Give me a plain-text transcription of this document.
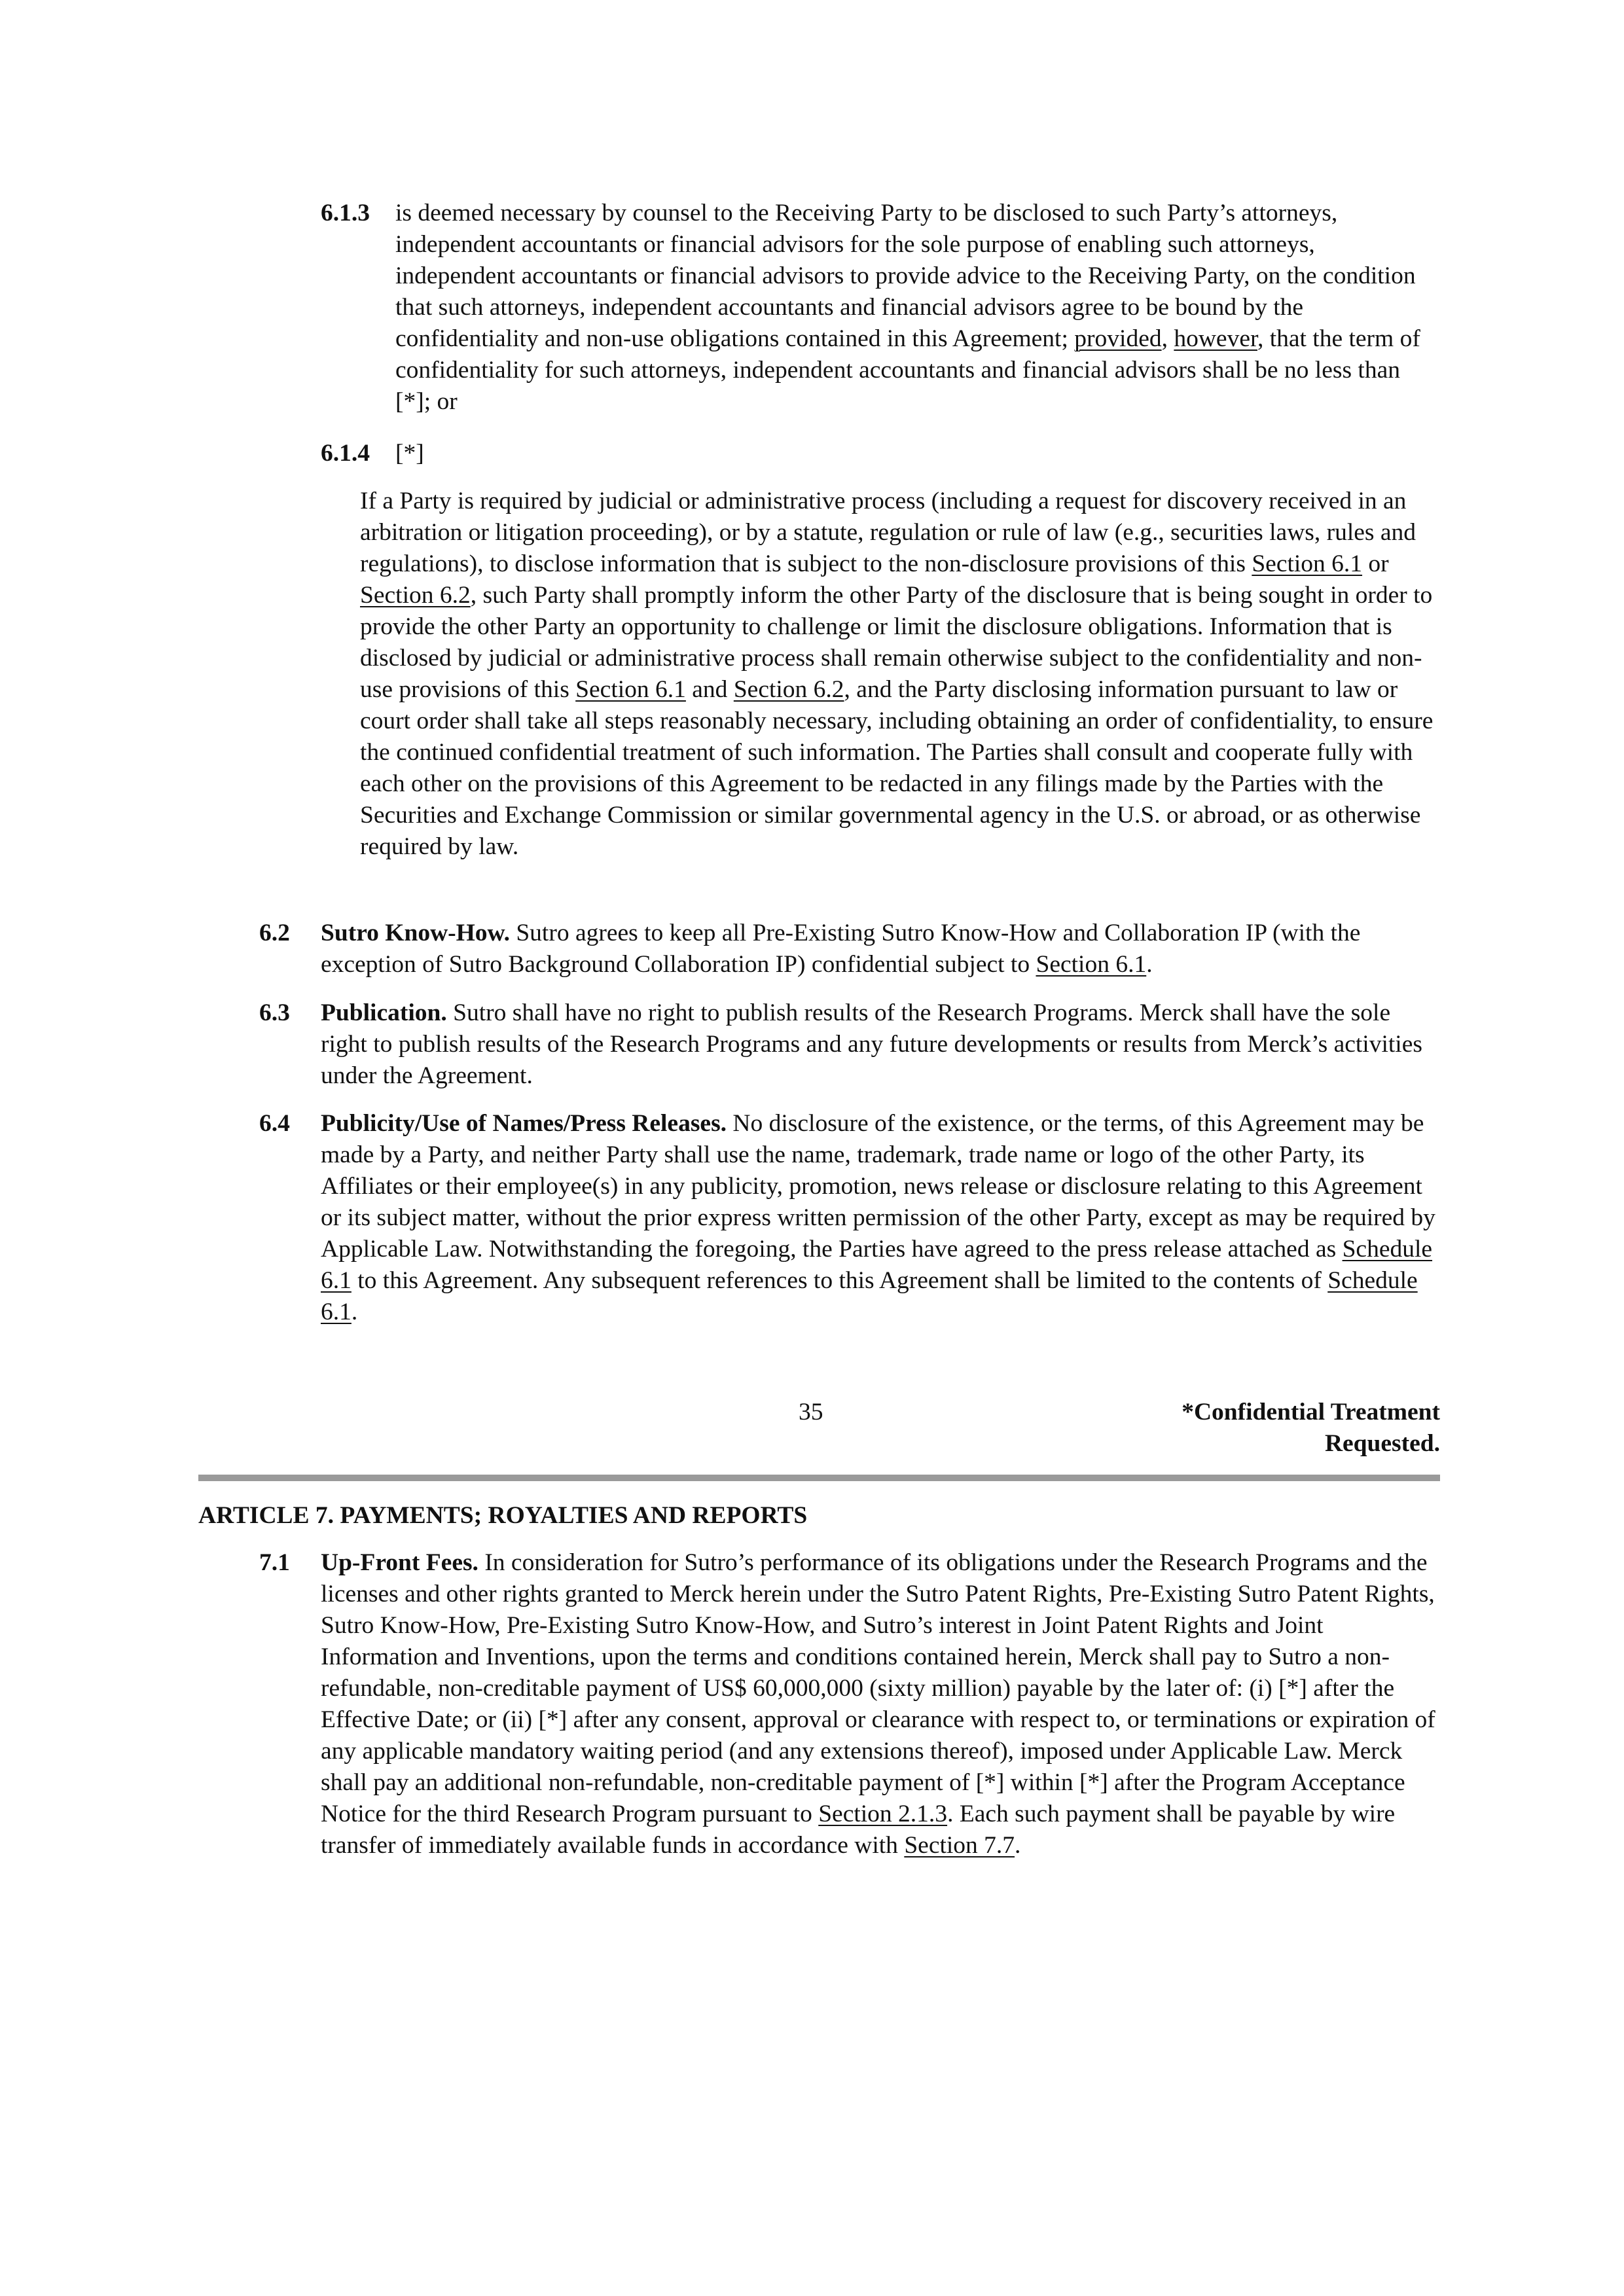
6.1.3 is deemed necessary by counsel to the Receiving Party to be disclosed to such Party’s attorneys, independent accountants or financial advisors for the sole purpose of enabling such attorneys, independent accountants or financial advisors to provide advice to the Receiving Party, on the condition that such attorneys, independent accountants and financial advisors agree to be bound by the confidentiality and non-use obligations contained in this Agreement; provided, however, that the term of confidentiality for such attorneys, independent accountants and financial advisors shall be no less than [*]; or
6.1.4 [*]
If a Party is required by judicial or administrative process (including a request for discovery received in an arbitration or litigation proceeding), or by a statute, regulation or rule of law (e.g., securities laws, rules and regulations), to disclose information that is subject to the non-disclosure provisions of this Section 6.1 or Section 6.2, such Party shall promptly inform the other Party of the disclosure that is being sought in order to provide the other Party an opportunity to challenge or limit the disclosure obligations. Information that is disclosed by judicial or administrative process shall remain otherwise subject to the confidentiality and non-use provisions of this Section 6.1 and Section 6.2, and the Party disclosing information pursuant to law or court order shall take all steps reasonably necessary, including obtaining an order of confidentiality, to ensure the continued confidential treatment of such information. The Parties shall consult and cooperate fully with each other on the provisions of this Agreement to be redacted in any filings made by the Parties with the Securities and Exchange Commission or similar governmental agency in the U.S. or abroad, or as otherwise required by law.
6.2 Sutro Know-How. Sutro agrees to keep all Pre-Existing Sutro Know-How and Collaboration IP (with the exception of Sutro Background Collaboration IP) confidential subject to Section 6.1.
6.3 Publication. Sutro shall have no right to publish results of the Research Programs. Merck shall have the sole right to publish results of the Research Programs and any future developments or results from Merck’s activities under the Agreement.
6.4 Publicity/Use of Names/Press Releases. No disclosure of the existence, or the terms, of this Agreement may be made by a Party, and neither Party shall use the name, trademark, trade name or logo of the other Party, its Affiliates or their employee(s) in any publicity, promotion, news release or disclosure relating to this Agreement or its subject matter, without the prior express written permission of the other Party, except as may be required by Applicable Law. Notwithstanding the foregoing, the Parties have agreed to the press release attached as Schedule 6.1 to this Agreement. Any subsequent references to this Agreement shall be limited to the contents of Schedule 6.1.
35	*Confidential Treatment
Requested.
ARTICLE 7. PAYMENTS; ROYALTIES AND REPORTS
7.1 Up-Front Fees. In consideration for Sutro’s performance of its obligations under the Research Programs and the licenses and other rights granted to Merck herein under the Sutro Patent Rights, Pre-Existing Sutro Patent Rights, Sutro Know-How, Pre-Existing Sutro Know-How, and Sutro’s interest in Joint Patent Rights and Joint Information and Inventions, upon the terms and conditions contained herein, Merck shall pay to Sutro a non-refundable, non-creditable payment of US$ 60,000,000 (sixty million) payable by the later of: (i) [*] after the Effective Date; or (ii) [*] after any consent, approval or clearance with respect to, or terminations or expiration of any applicable mandatory waiting period (and any extensions thereof), imposed under Applicable Law. Merck shall pay an additional non-refundable, non-creditable payment of [*] within [*] after the Program Acceptance Notice for the third Research Program pursuant to Section 2.1.3. Each such payment shall be payable by wire transfer of immediately available funds in accordance with Section 7.7.
